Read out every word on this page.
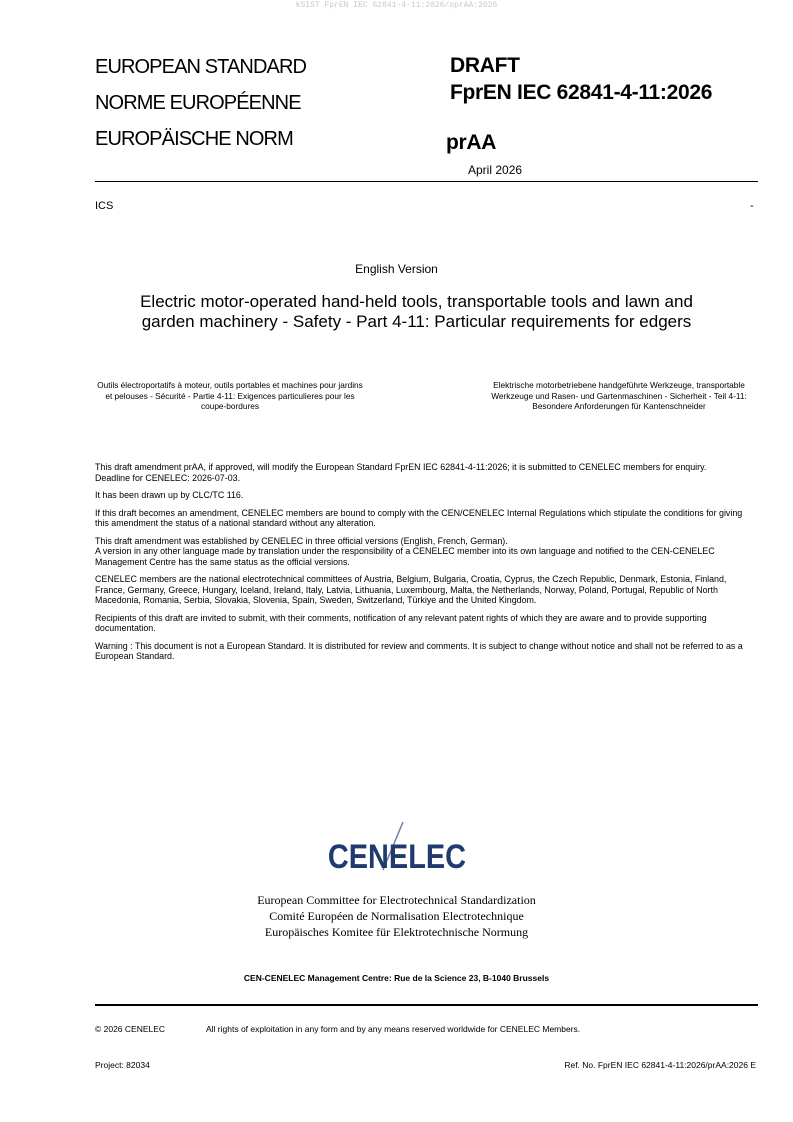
kSIST FprEN IEC 62841-4-11:2026/oprAA:2026
EUROPEAN STANDARD
NORME EUROPÉENNE
EUROPÄISCHE NORM
DRAFT
FprEN IEC 62841-4-11:2026
prAA
April 2026
ICS	-
English Version
Electric motor-operated hand-held tools, transportable tools and lawn and garden machinery - Safety - Part 4-11: Particular requirements for edgers
Outils électroportatifs à moteur, outils portables et machines pour jardins et pelouses - Sécurité - Partie 4-11: Exigences particulieres pour les coupe-bordures
Elektrische motorbetriebene handgeführte Werkzeuge, transportable Werkzeuge und Rasen- und Gartenmaschinen - Sicherheit - Teil 4-11: Besondere Anforderungen für Kantenschneider

This draft amendment prAA, if approved, will modify the European Standard FprEN IEC 62841-4-11:2026; it is submitted to CENELEC members for enquiry.
Deadline for CENELEC: 2026-07-03.

It has been drawn up by CLC/TC 116.

If this draft becomes an amendment, CENELEC members are bound to comply with the CEN/CENELEC Internal Regulations which stipulate the conditions for giving this amendment the status of a national standard without any alteration.

This draft amendment was established by CENELEC in three official versions (English, French, German).
A version in any other language made by translation under the responsibility of a CENELEC member into its own language and notified to the CEN-CENELEC Management Centre has the same status as the official versions.

CENELEC members are the national electrotechnical committees of Austria, Belgium, Bulgaria, Croatia, Cyprus, the Czech Republic, Denmark, Estonia, Finland, France, Germany, Greece, Hungary, Iceland, Ireland, Italy, Latvia, Lithuania, Luxembourg, Malta, the Netherlands, Norway, Poland, Portugal, Republic of North Macedonia, Romania, Serbia, Slovakia, Slovenia, Spain, Sweden, Switzerland, Türkiye and the United Kingdom.

Recipients of this draft are invited to submit, with their comments, notification of any relevant patent rights of which they are aware and to provide supporting documentation.

Warning : This document is not a European Standard. It is distributed for review and comments. It is subject to change without notice and shall not be referred to as a European Standard.

CENELEC
European Committee for Electrotechnical Standardization
Comité Européen de Normalisation Electrotechnique
Europäisches Komitee für Elektrotechnische Normung
CEN-CENELEC Management Centre: Rue de la Science 23, B-1040 Brussels
© 2026 CENELEC	All rights of exploitation in any form and by any means reserved worldwide for CENELEC Members.
Project: 82034	Ref. No. FprEN IEC 62841-4-11:2026/prAA:2026 E
